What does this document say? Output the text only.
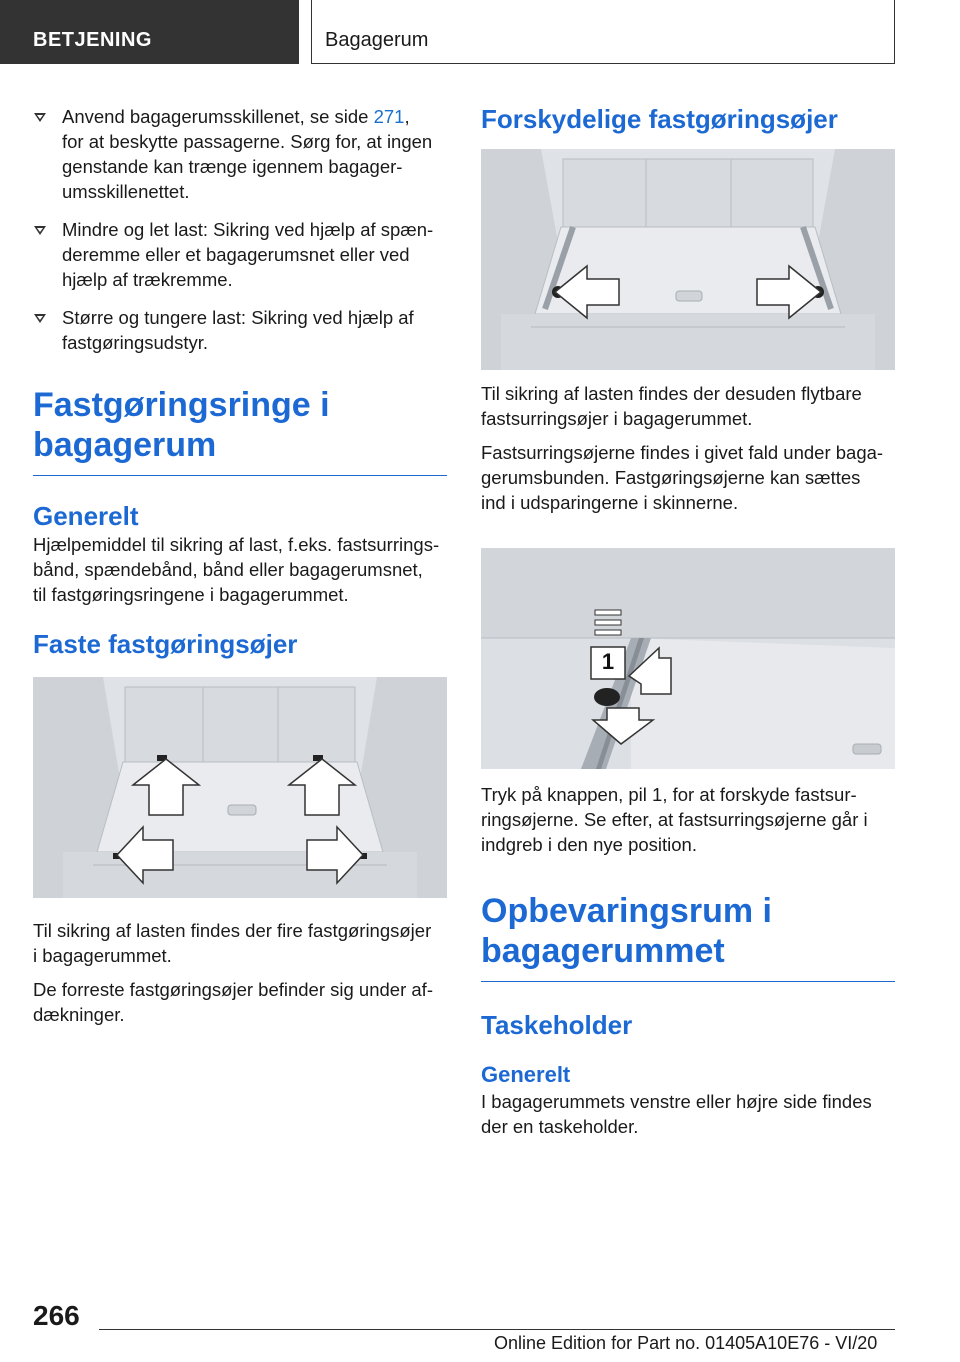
BETJENING	Bagagerum
Anvend bagagerumsskillenet, se side 271,
for at beskytte passagerne. Sørg for, at ingen
genstande kan trænge igennem bagager‐
umsskillenettet.
Mindre og let last: Sikring ved hjælp af spæn‐
deremme eller et bagagerumsnet eller ved
hjælp af trækremme.
Større og tungere last: Sikring ved hjælp af
fastgøringsudstyr.
Fastgøringsringe i
bagagerum
Generelt

Hjælpemiddel til sikring af last, f.eks. fastsurrings‐
bånd, spændebånd, bånd eller bagagerumsnet,
til fastgøringsringene i bagagerummet.

Faste fastgøringsøjer

Til sikring af lasten findes der fire fastgøringsøjer
i bagagerummet.

De forreste fastgøringsøjer befinder sig under af‐
dækninger.

Forskydelige fastgøringsøjer

Til sikring af lasten findes der desuden flytbare
fastsurringsøjer i bagagerummet.

Fastsurringsøjerne findes i givet fald under baga‐
gerumsbunden. Fastgøringsøjerne kan sættes
ind i udsparingerne i skinnerne.

1

Tryk på knappen, pil 1, for at forskyde fastsur‐
ringsøjerne. Se efter, at fastsurringsøjerne går i
indgreb i den nye position.

Opbevaringsrum i
bagagerummet
Taskeholder
Generelt

I bagagerummets venstre eller højre side findes
der en taskeholder.

266
Online Edition for Part no. 01405A10E76 - VI/20
